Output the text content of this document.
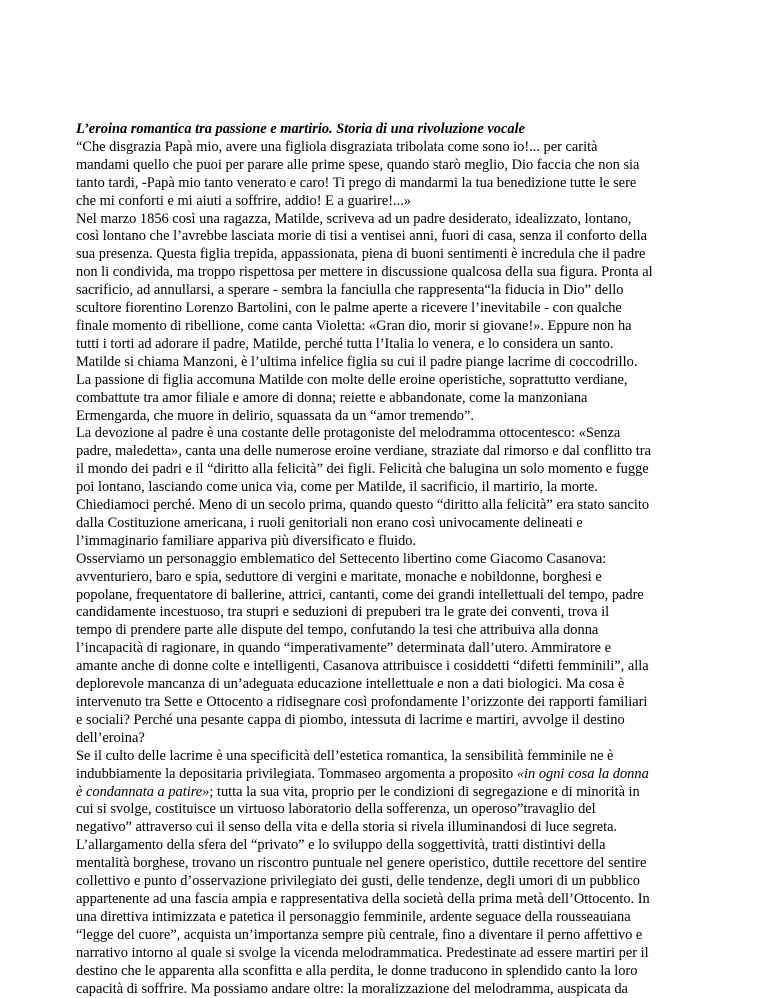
L’eroina romantica tra passione e martirio. Storia di una rivoluzione vocale
“Che disgrazia Papà mio, avere una figliola disgraziata tribolata come sono io!... per carità
mandami quello che puoi per parare alle prime spese, quando starò meglio, Dio faccia che non sia
tanto tardi, -Papà mio tanto venerato e caro! Ti prego di mandarmi la tua benedizione tutte le sere
che mi conforti e mi aiuti a soffrire, addio! E a guarire!...»
Nel marzo 1856 così una ragazza, Matilde, scriveva ad un padre desiderato, idealizzato, lontano,
così lontano che l’avrebbe lasciata morie di tisi a ventisei anni, fuori di casa, senza il conforto della
sua presenza. Questa figlia trepida, appassionata, piena di buoni sentimenti è incredula che il padre
non li condivida, ma troppo rispettosa per mettere in discussione qualcosa della sua figura. Pronta al
sacrificio, ad annullarsi, a sperare - sembra la fanciulla che rappresenta“la fiducia in Dio” dello
scultore fiorentino Lorenzo Bartolini, con le palme aperte a ricevere l’inevitabile - con qualche
finale momento di ribellione, come canta Violetta: «Gran dio, morir si giovane!». Eppure non ha
tutti i torti ad adorare il padre, Matilde, perché tutta l’Italia lo venera, e lo considera un santo.
Matilde si chiama Manzoni, è l’ultima infelice figlia su cui il padre piange lacrime di coccodrillo.
La passione di figlia accomuna Matilde con molte delle eroine operistiche, soprattutto verdiane,
combattute tra amor filiale e amore di donna; reiette e abbandonate, come la manzoniana
Ermengarda, che muore in delirio, squassata da un “amor tremendo”.
La devozione al padre è una costante delle protagoniste del melodramma ottocentesco: «Senza
padre, maledetta», canta una delle numerose eroine verdiane, straziate dal rimorso e dal conflitto tra
il mondo dei padri e il “diritto alla felicità” dei figli. Felicità che balugina un solo momento e fugge
poi lontano, lasciando come unica via, come per Matilde, il sacrificio, il martirio, la morte.
Chiediamoci perché. Meno di un secolo prima, quando questo “diritto alla felicità” era stato sancito
dalla Costituzione americana, i ruoli genitoriali non erano così univocamente delineati e
l’immaginario familiare appariva più diversificato e fluido.
Osserviamo un personaggio emblematico del Settecento libertino come Giacomo Casanova:
avventuriero, baro e spia, seduttore di vergini e maritate, monache e nobildonne, borghesi e
popolane, frequentatore di ballerine, attrici, cantanti, come dei grandi intellettuali del tempo, padre
candidamente incestuoso, tra stupri e seduzioni di prepuberi tra le grate dei conventi, trova il
tempo di prendere parte alle dispute del tempo, confutando la tesi che attribuiva alla donna
l’incapacità di ragionare, in quando “imperativamente” determinata dall’utero. Ammiratore e
amante anche di donne colte e intelligenti, Casanova attribuisce i cosiddetti “difetti femminili”, alla
deplorevole mancanza di un’adeguata educazione intellettuale e non a dati biologici. Ma cosa è
intervenuto tra Sette e Ottocento a ridisegnare così profondamente l’orizzonte dei rapporti familiari
e sociali? Perché una pesante cappa di piombo, intessuta di lacrime e martiri, avvolge il destino
dell’eroina?
Se il culto delle lacrime è una specificità dell’estetica romantica, la sensibilità femminile ne è
indubbiamente la depositaria privilegiata. Tommaseo argomenta a proposito «in ogni cosa la donna
è condannata a patire»; tutta la sua vita, proprio per le condizioni di segregazione e di minorità in
cui si svolge, costituisce un virtuoso laboratorio della sofferenza, un operoso”travaglio del
negativo” attraverso cui il senso della vita e della storia si rivela illuminandosi di luce segreta.
L’allargamento della sfera del “privato” e lo sviluppo della soggettività, tratti distintivi della
mentalità borghese, trovano un riscontro puntuale nel genere operistico, duttile recettore del sentire
collettivo e punto d’osservazione privilegiato dei gusti, delle tendenze, degli umori di un pubblico
appartenente ad una fascia ampia e rappresentativa della società della prima metà dell’Ottocento. In
una direttiva intimizzata e patetica il personaggio femminile, ardente seguace della rousseauiana
“legge del cuore”, acquista un’importanza sempre più centrale, fino a diventare il perno affettivo e
narrativo intorno al quale si svolge la vicenda melodrammatica. Predestinate ad essere martiri per il
destino che le apparenta alla sconfitta e alla perdita, le donne traducono in splendido canto la loro
capacità di soffrire. Ma possiamo andare oltre: la moralizzazione del melodramma, auspicata da
